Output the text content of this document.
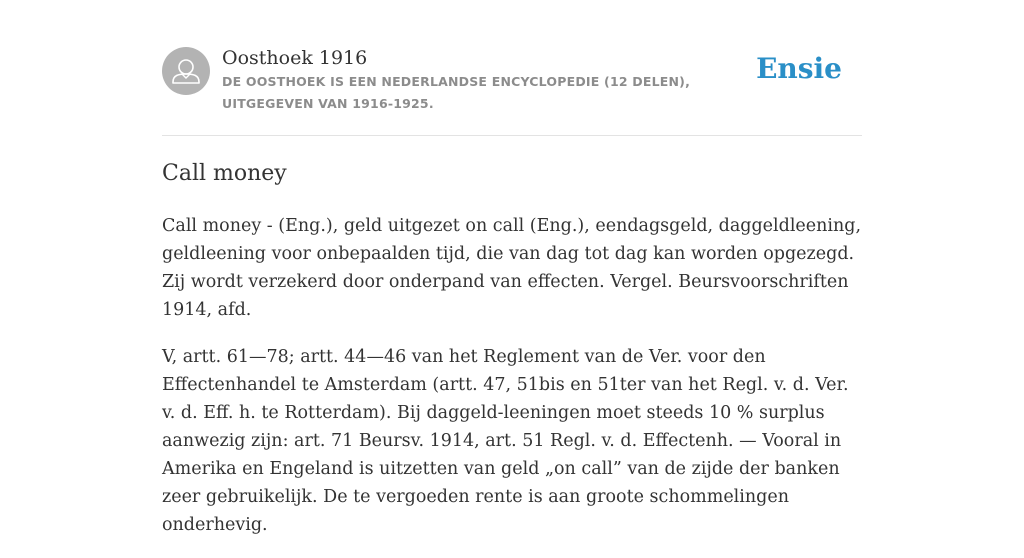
Oosthoek 1916
DE OOSTHOEK IS EEN NEDERLANDSE ENCYCLOPEDIE (12 DELEN), UITGEGEVEN VAN 1916-1925.
Ensie
Call money

Call money - (Eng.), geld uitgezet on call (Eng.), eendagsgeld, daggeldleening, geldleening voor onbepaalden tijd, die van dag tot dag kan worden opgezegd. Zij wordt verzekerd door onderpand van effecten. Vergel. Beursvoorschriften 1914, afd.

V, artt. 61—78; artt. 44—46 van het Reglement van de Ver. voor den Effectenhandel te Amsterdam (artt. 47, 51bis en 51ter van het Regl. v. d. Ver. v. d. Eff. h. te Rotterdam). Bij daggeld-leeningen moet steeds 10 % surplus aanwezig zijn: art. 71 Beursv. 1914, art. 51 Regl. v. d. Effectenh. — Vooral in Amerika en Engeland is uitzetten van geld „on call” van de zijde der banken zeer gebruikelijk. De te vergoeden rente is aan groote schommelingen onderhevig.
